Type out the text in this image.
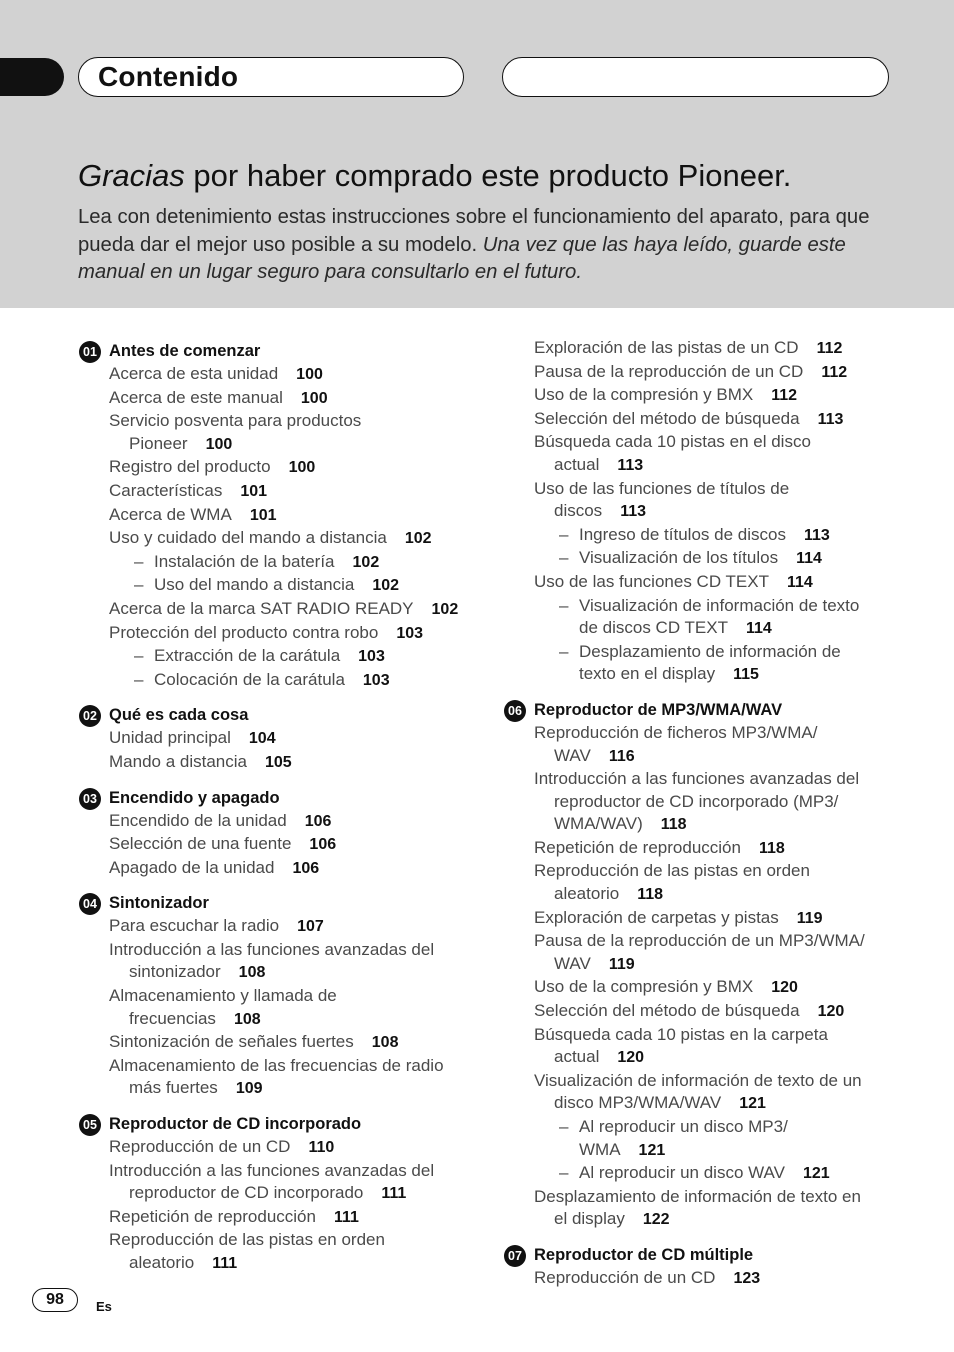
Contenido
Gracias por haber comprado este producto Pioneer.
Lea con detenimiento estas instrucciones sobre el funcionamiento del aparato, para que pueda dar el mejor uso posible a su modelo. Una vez que las haya leído, guarde este manual en un lugar seguro para consultarlo en el futuro.
01 Antes de comenzar
Acerca de esta unidad 100
Acerca de este manual 100
Servicio posventa para productos
Pioneer 100
Registro del producto 100
Características 101
Acerca de WMA 101
Uso y cuidado del mando a distancia 102
– Instalación de la batería 102
– Uso del mando a distancia 102
Acerca de la marca SAT RADIO READY 102
Protección del producto contra robo 103
– Extracción de la carátula 103
– Colocación de la carátula 103
02 Qué es cada cosa
Unidad principal 104
Mando a distancia 105
03 Encendido y apagado
Encendido de la unidad 106
Selección de una fuente 106
Apagado de la unidad 106
04 Sintonizador
Para escuchar la radio 107
Introducción a las funciones avanzadas del
sintonizador 108
Almacenamiento y llamada de
frecuencias 108
Sintonización de señales fuertes 108
Almacenamiento de las frecuencias de radio
más fuertes 109
05 Reproductor de CD incorporado
Reproducción de un CD 110
Introducción a las funciones avanzadas del
reproductor de CD incorporado 111
Repetición de reproducción 111
Reproducción de las pistas en orden
aleatorio 111
Exploración de las pistas de un CD 112
Pausa de la reproducción de un CD 112
Uso de la compresión y BMX 112
Selección del método de búsqueda 113
Búsqueda cada 10 pistas en el disco
actual 113
Uso de las funciones de títulos de
discos 113
– Ingreso de títulos de discos 113
– Visualización de los títulos 114
Uso de las funciones CD TEXT 114
– Visualización de información de texto
de discos CD TEXT 114
– Desplazamiento de información de
texto en el display 115
06 Reproductor de MP3/WMA/WAV
Reproducción de ficheros MP3/WMA/
WAV 116
Introducción a las funciones avanzadas del
reproductor de CD incorporado (MP3/
WMA/WAV) 118
Repetición de reproducción 118
Reproducción de las pistas en orden
aleatorio 118
Exploración de carpetas y pistas 119
Pausa de la reproducción de un MP3/WMA/
WAV 119
Uso de la compresión y BMX 120
Selección del método de búsqueda 120
Búsqueda cada 10 pistas en la carpeta
actual 120
Visualización de información de texto de un
disco MP3/WMA/WAV 121
– Al reproducir un disco MP3/
WMA 121
– Al reproducir un disco WAV 121
Desplazamiento de información de texto en
el display 122
07 Reproductor de CD múltiple
Reproducción de un CD 123
98	Es
